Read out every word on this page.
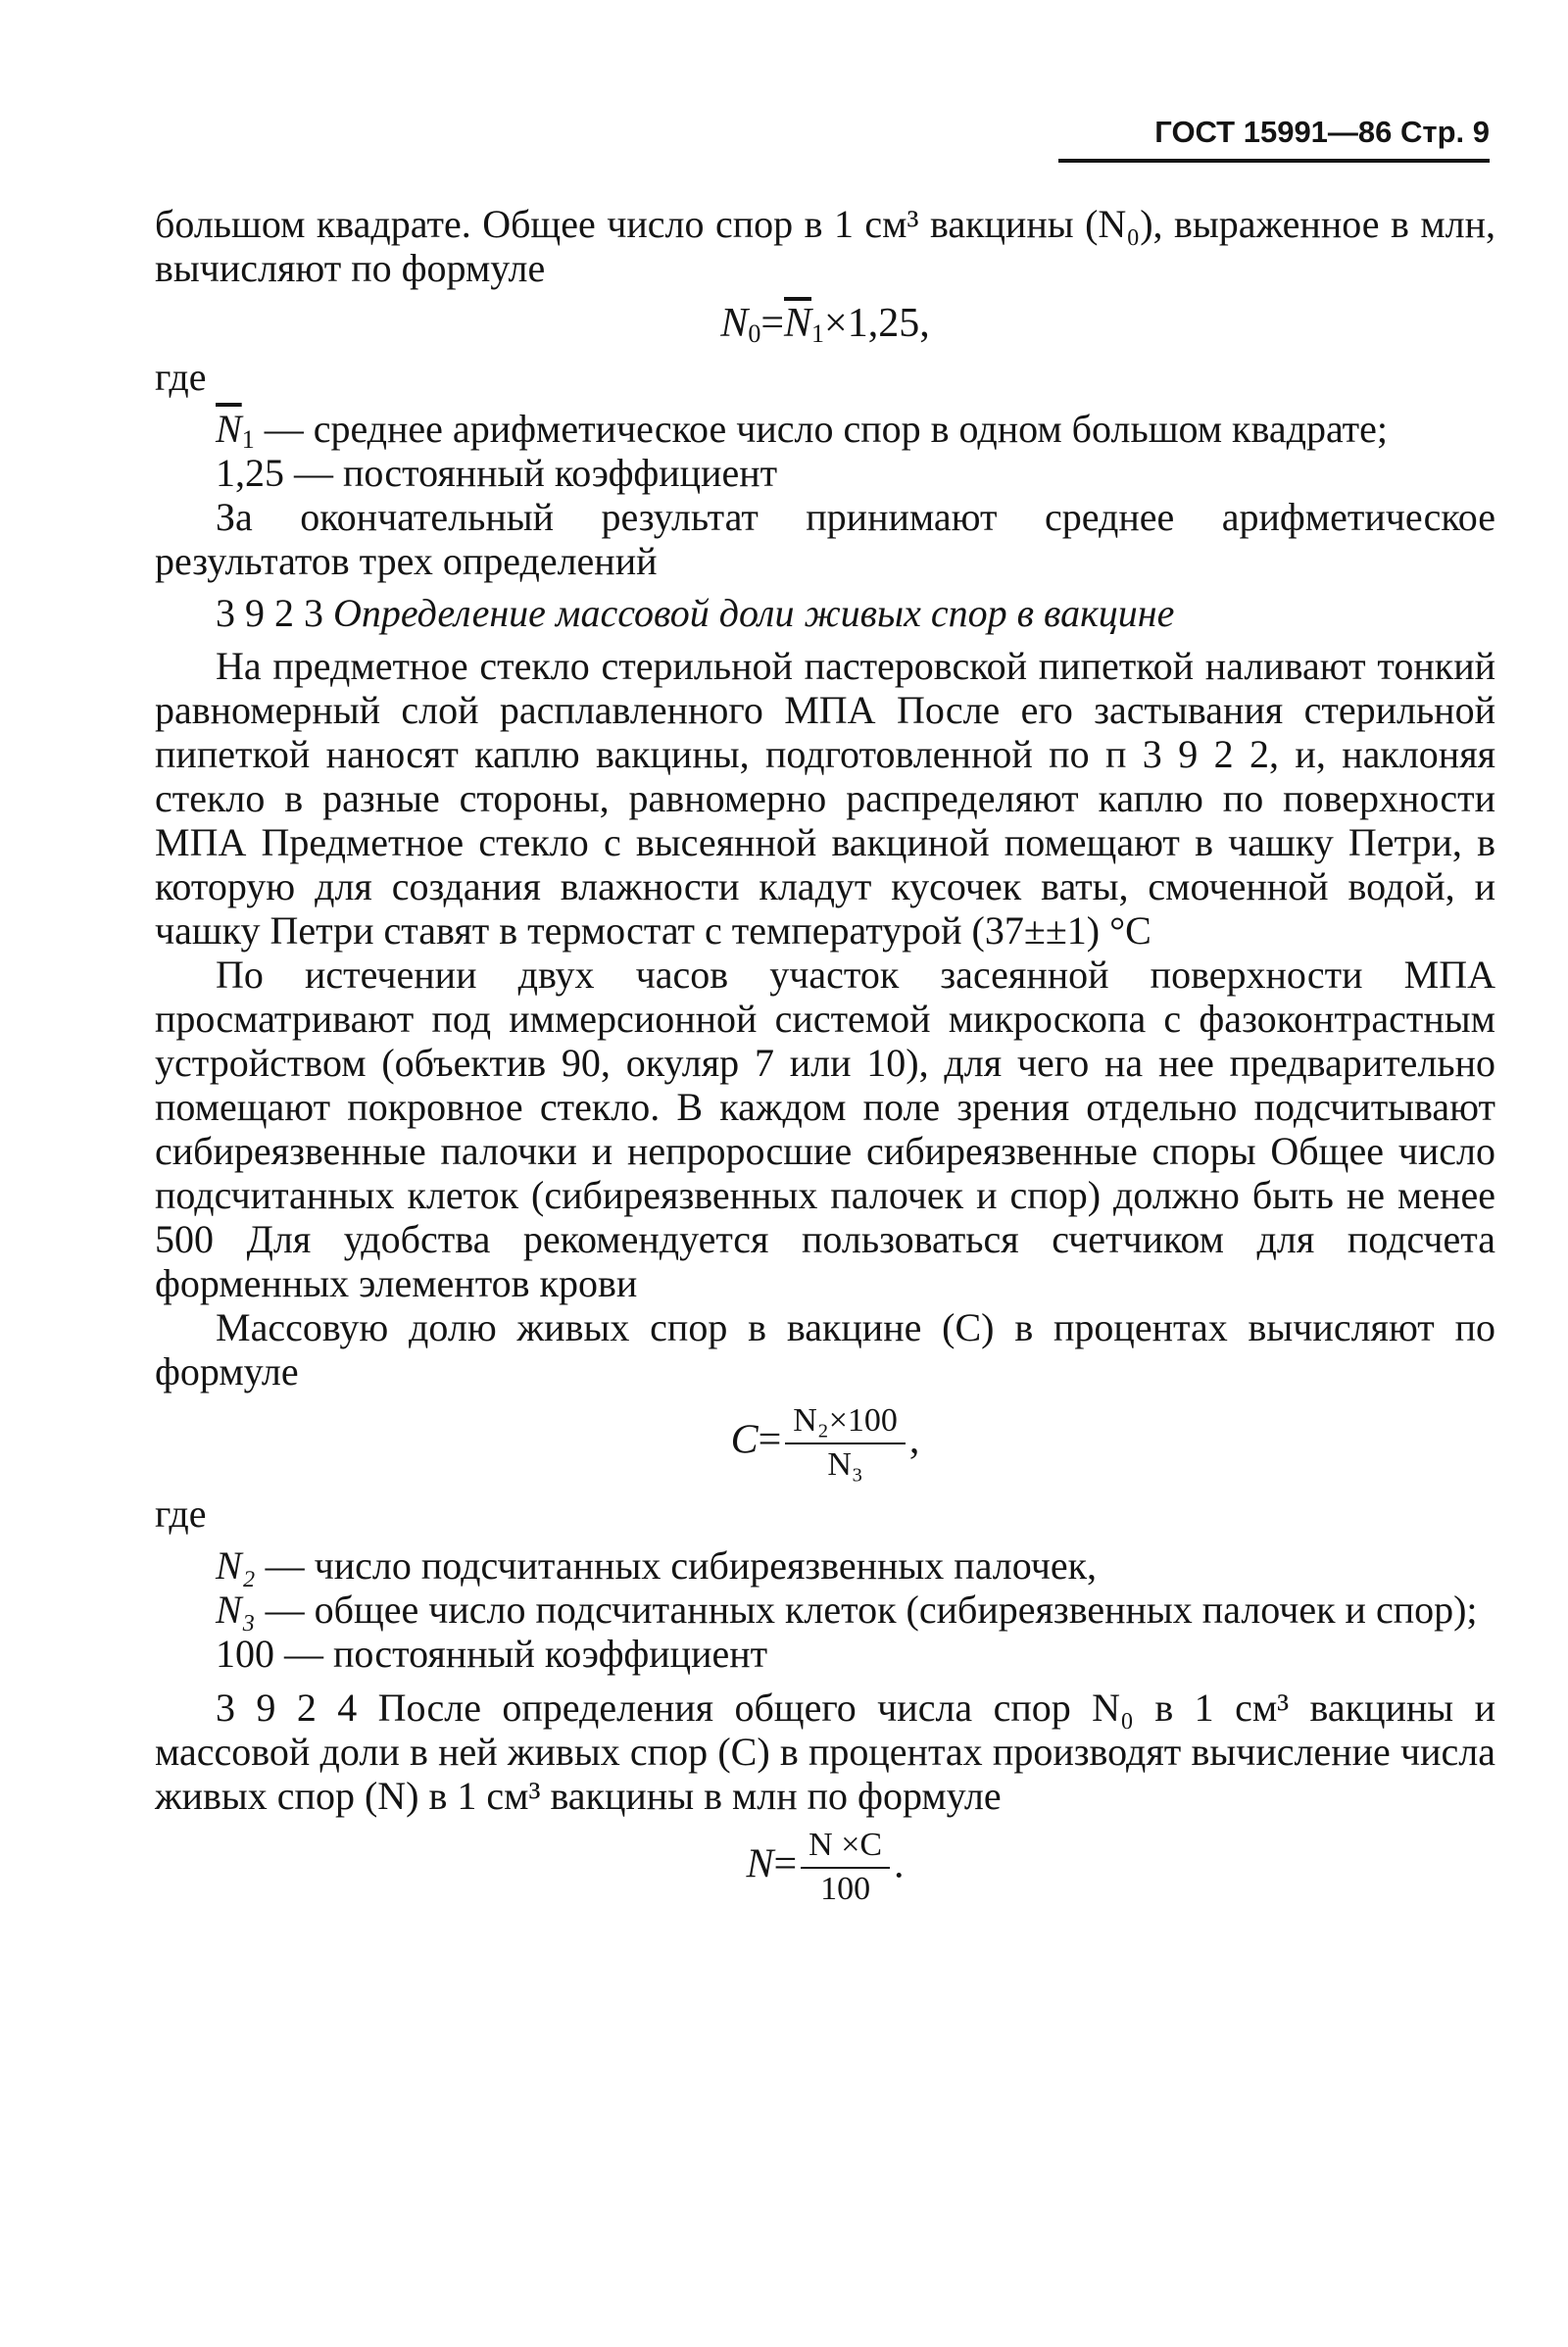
ГОСТ 15991—86 Стр. 9

большом квадрате. Общее число спор в 1 см³ вакцины (N₀), выраженное в млн, вычисляют по формуле

$N_0=\overline{N}_1\times 1,25$,
где
$\overline{N}_1$ — среднее арифметическое число спор в одном большом квадрате;
1,25 — постоянный коэффициент

За окончательный результат принимают среднее арифметическое результатов трех определений

3 9 2 3 Определение массовой доли живых спор в вакцине

На предметное стекло стерильной пастеровской пипеткой наливают тонкий равномерный слой расплавленного МПА После его застывания стерильной пипеткой наносят каплю вакцины, подготовленной по п 3 9 2 2, и, наклоняя стекло в разные стороны, равномерно распределяют каплю по поверхности МПА Предметное стекло с высеянной вакциной помещают в чашку Петри, в которую для создания влажности кладут кусочек ваты, смоченной водой, и чашку Петри ставят в термостат с температурой (37±±1) °С

По истечении двух часов участок засеянной поверхности МПА просматривают под иммерсионной системой микроскопа с фазоконтрастным устройством (объектив 90, окуляр 7 или 10), для чего на нее предварительно помещают покровное стекло. В каждом поле зрения отдельно подсчитывают сибиреязвенные палочки и непроросшие сибиреязвенные споры Общее число подсчитанных клеток (сибиреязвенных палочек и спор) должно быть не менее 500 Для удобства рекомендуется пользоваться счетчиком для подсчета форменных элементов крови

Массовую долю живых спор в вакцине (С) в процентах вычисляют по формуле

$C= \frac{\text{N₂×100}}{\text{N₃}}$ ,
где
N₂ — число подсчитанных сибиреязвенных палочек,
N₃ — общее число подсчитанных клеток (сибиреязвенных палочек и спор);
100 — постоянный коэффициент

3 9 2 4 После определения общего числа спор N₀ в 1 см³ вакцины и массовой доли в ней живых спор (С) в процентах производят вычисление числа живых спор (N) в 1 см³ вакцины в млн по формуле

$N= \frac{N \times C}{100}$ .
